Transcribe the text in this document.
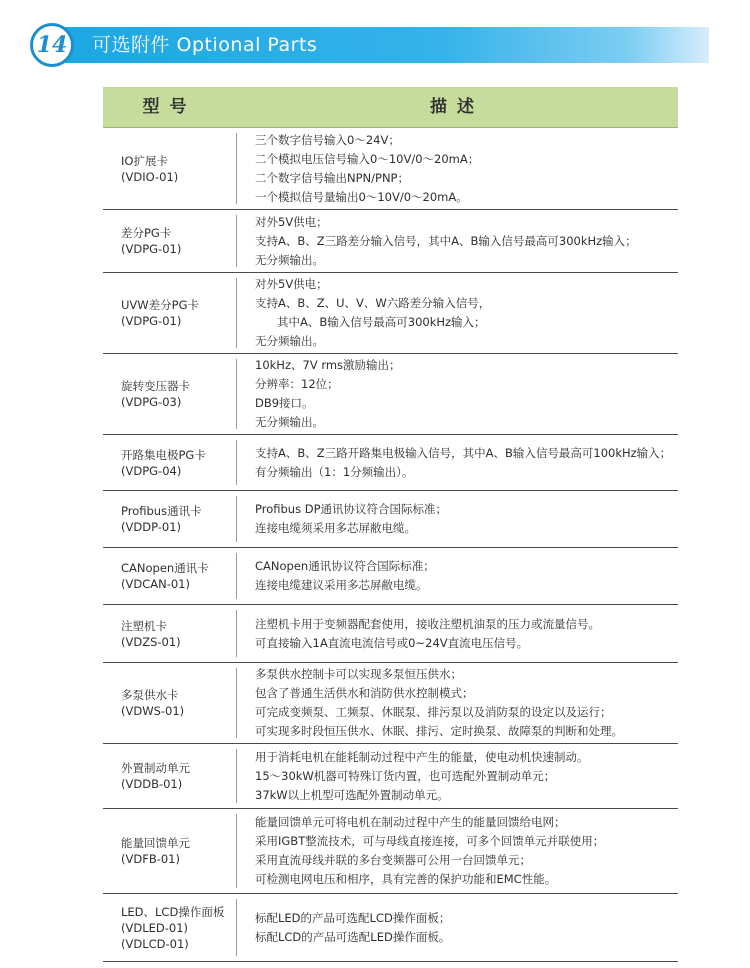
14	可选附件 Optional Parts
型号	描述
IO扩展卡
(VDIO-01)
三个数字信号输入0～24V；
二个模拟电压信号输入0～10V/0～20mA；
二个数字信号输出NPN/PNP；
一个模拟信号量输出0～10V/0～20mA。
差分PG卡
(VDPG-01)
对外5V供电；
支持A、B、Z三路差分输入信号，其中A、B输入信号最高可300kHz输入；
无分频输出。
UVW差分PG卡
(VDPG-01)
对外5V供电；
支持A、B、Z、U、V、W六路差分输入信号，
其中A、B输入信号最高可300kHz输入；
无分频输出。
旋转变压器卡
(VDPG-03)
10kHz、7V rms激励输出；
分辨率：12位；
DB9接口。
无分频输出。
开路集电极PG卡
(VDPG-04)
支持A、B、Z三路开路集电极输入信号，其中A、B输入信号最高可100kHz输入；
有分频输出（1：1分频输出）。
Profibus通讯卡
(VDDP-01)
Profibus DP通讯协议符合国际标准；
连接电缆须采用多芯屏敝电缆。
CANopen通讯卡
(VDCAN-01)
CANopen通讯协议符合国际标准；
连接电缆建议采用多芯屏敝电缆。
注塑机卡
(VDZS-01)
注塑机卡用于变频器配套使用，接收注塑机油泵的压力或流量信号。
可直接输入1A直流电流信号或0~24V直流电压信号。
多泵供水卡
(VDWS-01)
多泵供水控制卡可以实现多泵恒压供水；
包含了普通生活供水和消防供水控制模式；
可完成变频泵、工频泵、休眠泵、排污泵以及消防泵的设定以及运行；
可实现多时段恒压供水、休眠、排污、定时换泵、故障泵的判断和处理。
外置制动单元
(VDDB-01)
用于消耗电机在能耗制动过程中产生的能量，使电动机快速制动。
15～30kW机器可特殊订货内置，也可选配外置制动单元；
37kW以上机型可选配外置制动单元。
能量回馈单元
(VDFB-01)
能量回馈单元可将电机在制动过程中产生的能量回馈给电网；
采用IGBT整流技术，可与母线直接连接，可多个回馈单元并联使用；
采用直流母线并联的多台变频器可公用一台回馈单元；
可检测电网电压和相序，具有完善的保护功能和EMC性能。
LED、LCD操作面板
(VDLED-01)
(VDLCD-01)
标配LED的产品可选配LCD操作面板；
标配LCD的产品可选配LED操作面板。
